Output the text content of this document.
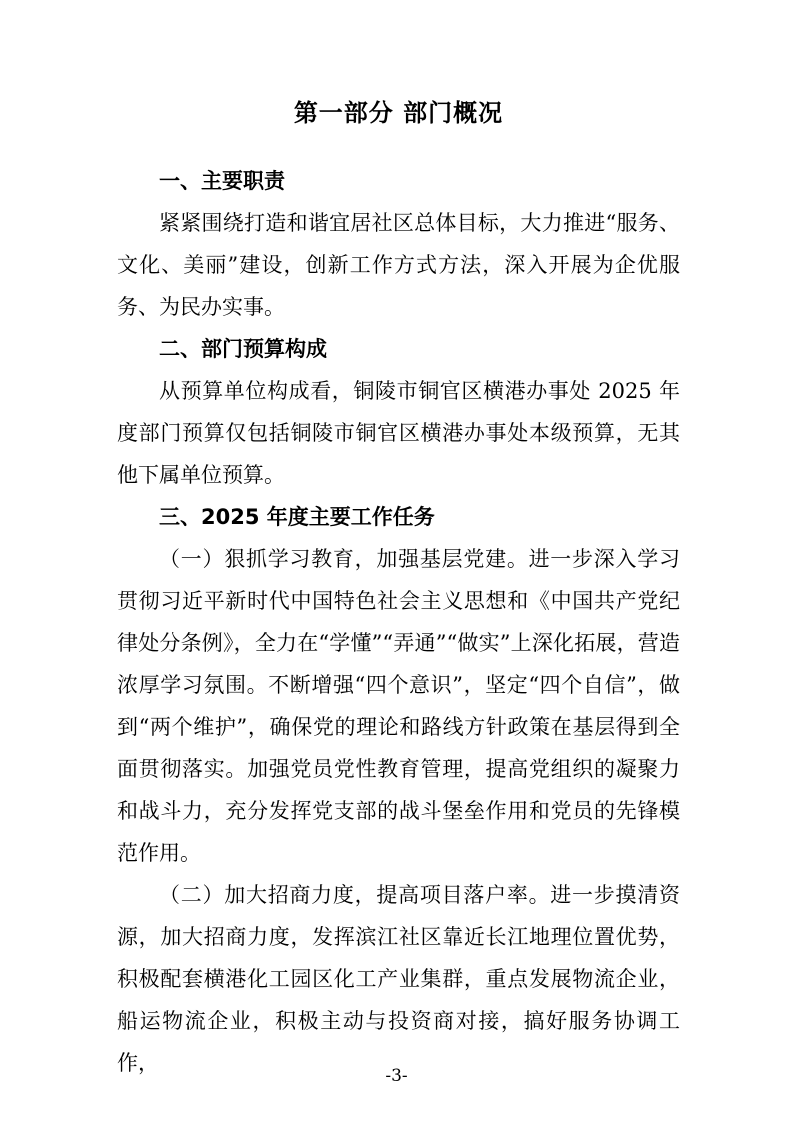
第一部分 部门概况
一、主要职责

紧紧围绕打造和谐宜居社区总体目标，大力推进“服务、文化、美丽”建设，创新工作方式方法，深入开展为企优服务、为民办实事。

二、部门预算构成

从预算单位构成看，铜陵市铜官区横港办事处 2025 年度部门预算仅包括铜陵市铜官区横港办事处本级预算，无其他下属单位预算。

三、2025 年度主要工作任务

（一）狠抓学习教育，加强基层党建。进一步深入学习贯彻习近平新时代中国特色社会主义思想和《中国共产党纪律处分条例》，全力在“学懂”“弄通”“做实”上深化拓展，营造浓厚学习氛围。不断增强“四个意识”，坚定“四个自信”，做到“两个维护”，确保党的理论和路线方针政策在基层得到全面贯彻落实。加强党员党性教育管理，提高党组织的凝聚力和战斗力，充分发挥党支部的战斗堡垒作用和党员的先锋模范作用。

（二）加大招商力度，提高项目落户率。进一步摸清资源，加大招商力度，发挥滨江社区靠近长江地理位置优势，积极配套横港化工园区化工产业集群，重点发展物流企业，船运物流企业，积极主动与投资商对接，搞好服务协调工作，

-3-
